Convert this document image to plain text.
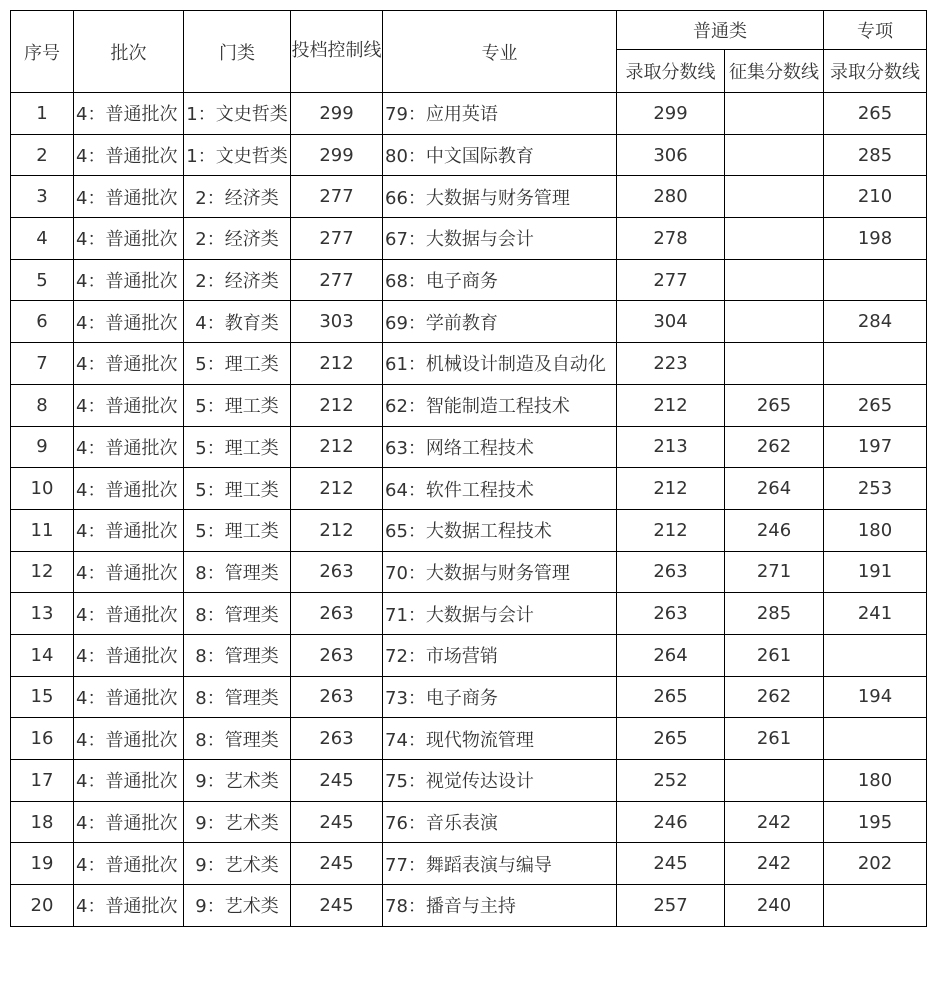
序号	批次	门类	投档控制线	专业	普通类		专项
					录取分数线	征集分数线	录取分数线
1	4：普通批次	1：文史哲类	299	79：应用英语	299		265
2	4：普通批次	1：文史哲类	299	80：中文国际教育	306		285
3	4：普通批次	2：经济类	277	66：大数据与财务管理	280		210
4	4：普通批次	2：经济类	277	67：大数据与会计	278		198
5	4：普通批次	2：经济类	277	68：电子商务	277		
6	4：普通批次	4：教育类	303	69：学前教育	304		284
7	4：普通批次	5：理工类	212	61：机械设计制造及自动化	223		
8	4：普通批次	5：理工类	212	62：智能制造工程技术	212	265	265
9	4：普通批次	5：理工类	212	63：网络工程技术	213	262	197
10	4：普通批次	5：理工类	212	64：软件工程技术	212	264	253
11	4：普通批次	5：理工类	212	65：大数据工程技术	212	246	180
12	4：普通批次	8：管理类	263	70：大数据与财务管理	263	271	191
13	4：普通批次	8：管理类	263	71：大数据与会计	263	285	241
14	4：普通批次	8：管理类	263	72：市场营销	264	261	
15	4：普通批次	8：管理类	263	73：电子商务	265	262	194
16	4：普通批次	8：管理类	263	74：现代物流管理	265	261	
17	4：普通批次	9：艺术类	245	75：视觉传达设计	252		180
18	4：普通批次	9：艺术类	245	76：音乐表演	246	242	195
19	4：普通批次	9：艺术类	245	77：舞蹈表演与编导	245	242	202
20	4：普通批次	9：艺术类	245	78：播音与主持	257	240	
